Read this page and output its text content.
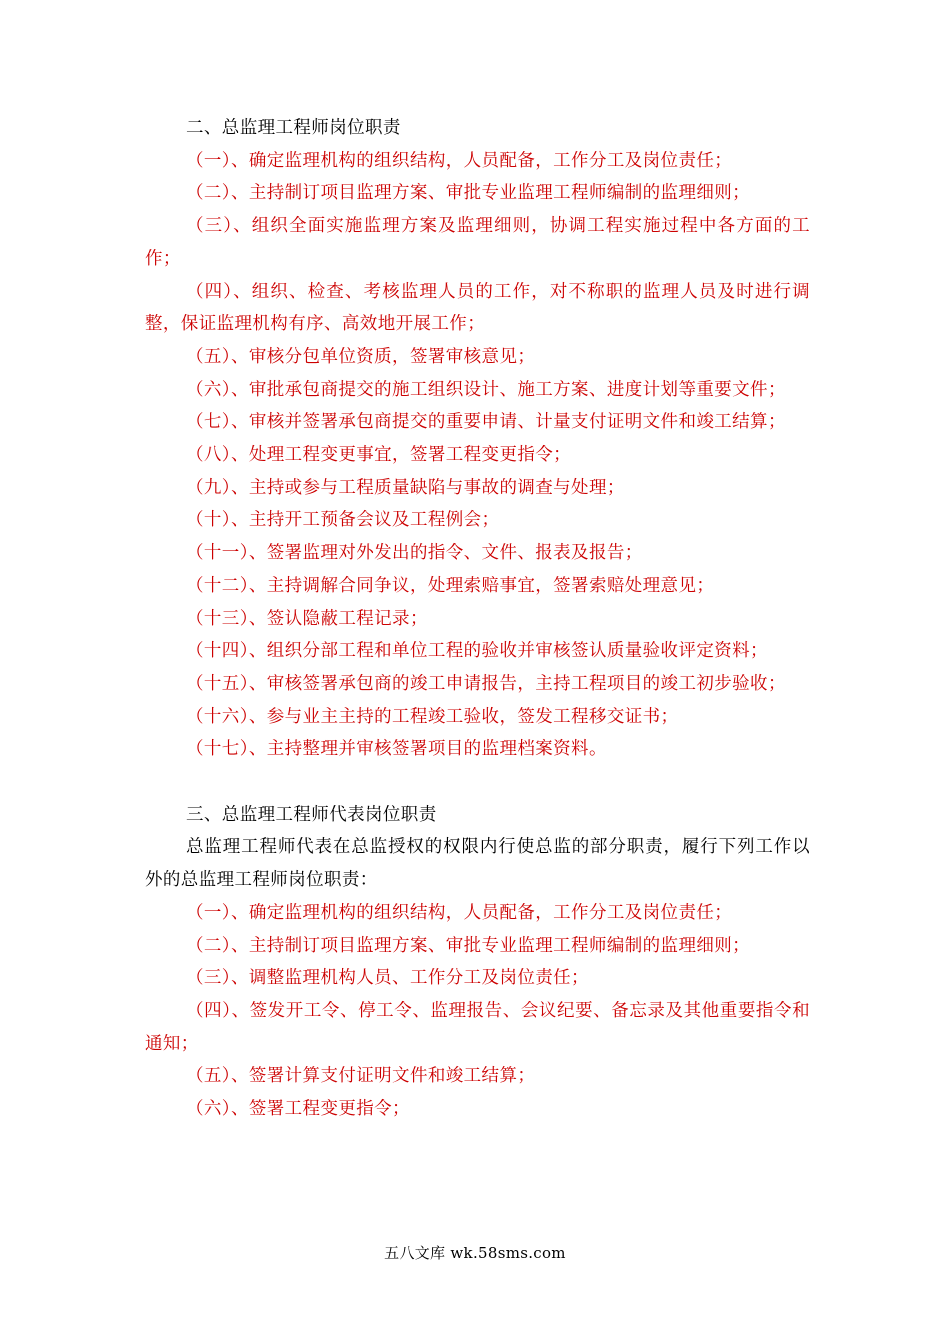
二、总监理工程师岗位职责

（一）、确定监理机构的组织结构，人员配备，工作分工及岗位责任；

（二）、主持制订项目监理方案、审批专业监理工程师编制的监理细则；

（三）、组织全面实施监理方案及监理细则，协调工程实施过程中各方面的工作；

（四）、组织、检查、考核监理人员的工作，对不称职的监理人员及时进行调整，保证监理机构有序、高效地开展工作；

（五）、审核分包单位资质，签署审核意见；

（六）、审批承包商提交的施工组织设计、施工方案、进度计划等重要文件；

（七）、审核并签署承包商提交的重要申请、计量支付证明文件和竣工结算；

（八）、处理工程变更事宜，签署工程变更指令；

（九）、主持或参与工程质量缺陷与事故的调查与处理；

（十）、主持开工预备会议及工程例会；

（十一）、签署监理对外发出的指令、文件、报表及报告；

（十二）、主持调解合同争议，处理索赔事宜，签署索赔处理意见；

（十三）、签认隐蔽工程记录；

（十四）、组织分部工程和单位工程的验收并审核签认质量验收评定资料；

（十五）、审核签署承包商的竣工申请报告，主持工程项目的竣工初步验收；

（十六）、参与业主主持的工程竣工验收，签发工程移交证书；

（十七）、主持整理并审核签署项目的监理档案资料。

三、总监理工程师代表岗位职责

总监理工程师代表在总监授权的权限内行使总监的部分职责，履行下列工作以外的总监理工程师岗位职责：

（一）、确定监理机构的组织结构，人员配备，工作分工及岗位责任；

（二）、主持制订项目监理方案、审批专业监理工程师编制的监理细则；

（三）、调整监理机构人员、工作分工及岗位责任；

（四）、签发开工令、停工令、监理报告、会议纪要、备忘录及其他重要指令和通知；

（五）、签署计算支付证明文件和竣工结算；

（六）、签署工程变更指令；

五八文库 wk.58sms.com
